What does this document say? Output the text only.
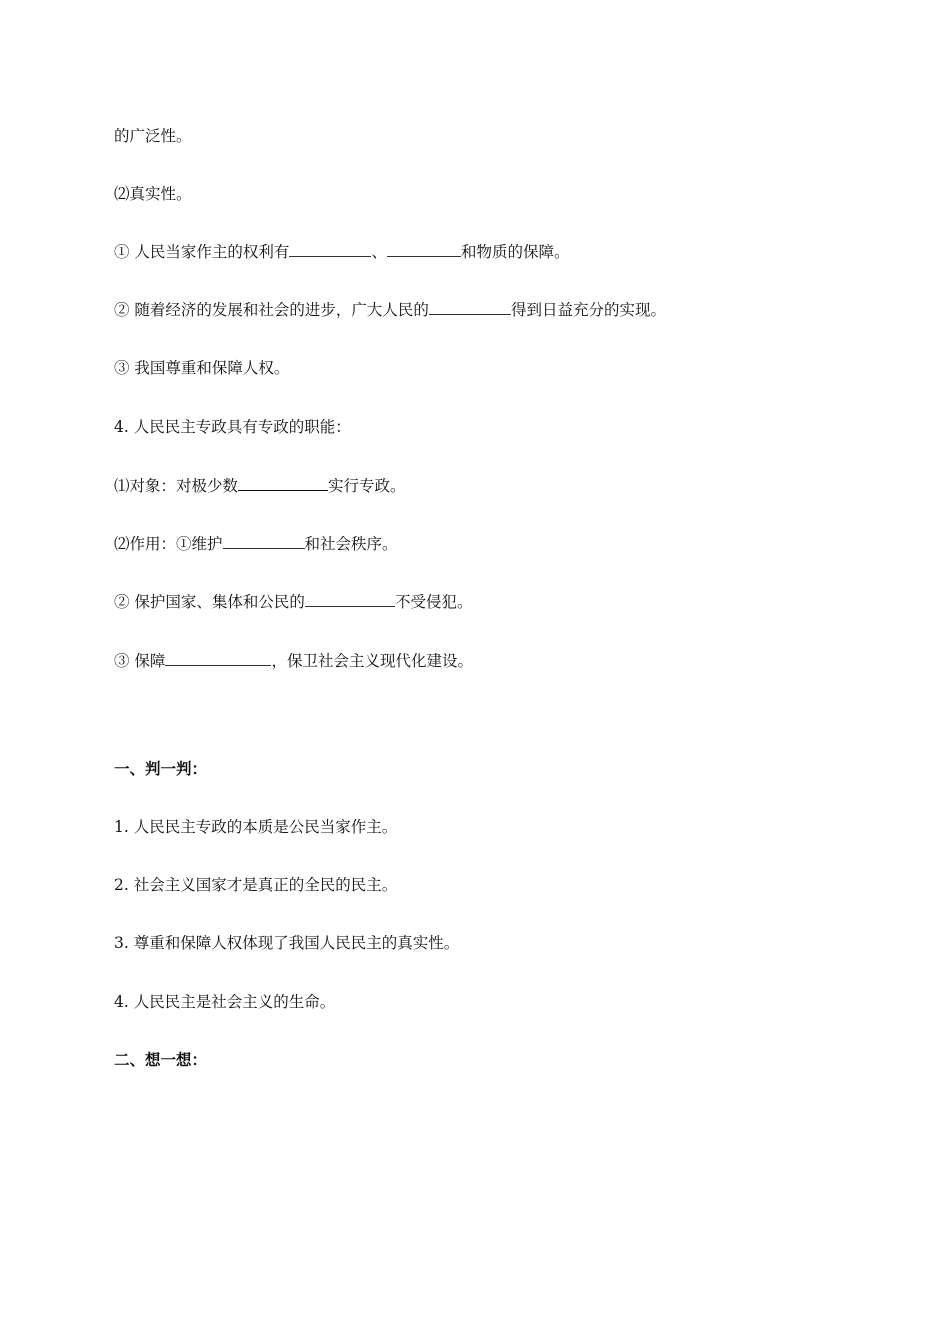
的广泛性。
⑵真实性。
① 人民当家作主的权利有	、	和物质的保障。
② 随着经济的发展和社会的进步，广大人民的	得到日益充分的实现。
③ 我国尊重和保障人权。
4. 人民民主专政具有专政的职能：
⑴对象：对极少数	实行专政。
⑵作用：①维护	和社会秩序。
② 保护国家、集体和公民的	不受侵犯。
③ 保障	，保卫社会主义现代化建设。
一、判一判：
1. 人民民主专政的本质是公民当家作主。
2. 社会主义国家才是真正的全民的民主。
3. 尊重和保障人权体现了我国人民民主的真实性。
4. 人民民主是社会主义的生命。
二、想一想：
